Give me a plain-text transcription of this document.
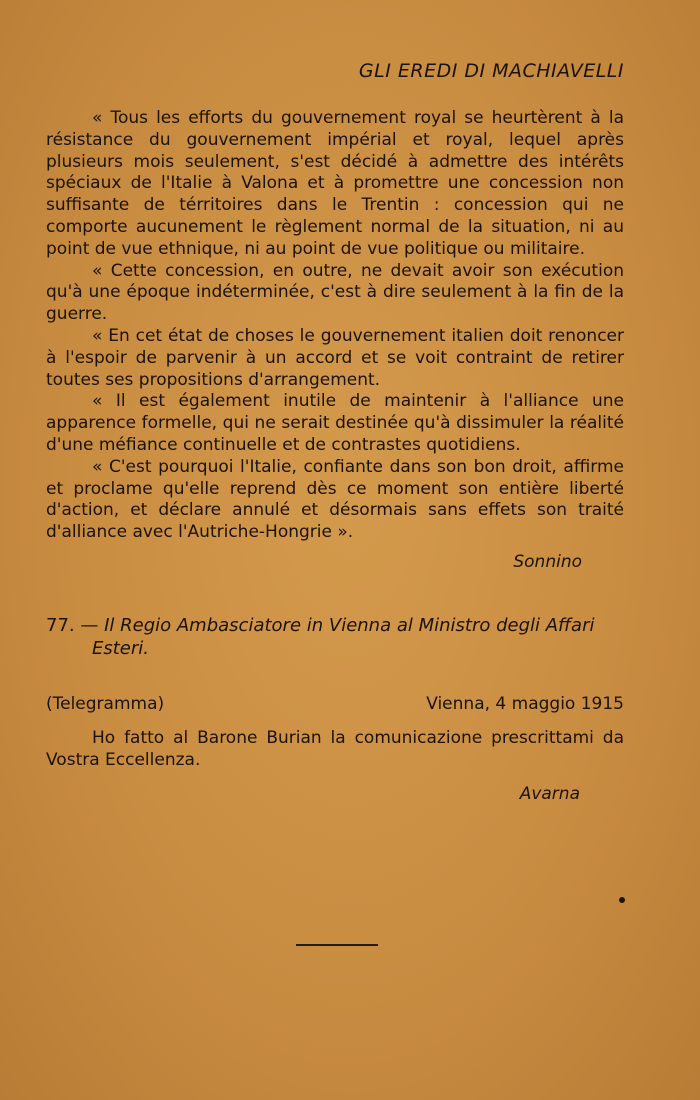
GLI EREDI DI MACHIAVELLI

« Tous les efforts du gouvernement royal se heurtèrent à la résistance du gouvernement impérial et royal, lequel après plusieurs mois seulement, s'est décidé à admettre des intérêts spéciaux de l'Italie à Valona et à promettre une concession non suffisante de térritoires dans le Trentin : concession qui ne comporte aucunement le règlement normal de la situation, ni au point de vue ethnique, ni au point de vue politique ou militaire.

« Cette concession, en outre, ne devait avoir son exécution qu'à une époque indéterminée, c'est à dire seulement à la fin de la guerre.

« En cet état de choses le gouvernement italien doit renoncer à l'espoir de parvenir à un accord et se voit contraint de retirer toutes ses propositions d'arrangement.

« Il est également inutile de maintenir à l'alliance une apparence formelle, qui ne serait destinée qu'à dissimuler la réalité d'une méfiance continuelle et de contrastes quotidiens.

« C'est pourquoi l'Italie, confiante dans son bon droit, affirme et proclame qu'elle reprend dès ce moment son entière liberté d'action, et déclare annulé et désormais sans effets son traité d'alliance avec l'Autriche-Hongrie ».

Sonnino
77. — Il Regio Ambasciatore in Vienna al Ministro degli Affari Esteri.
(Telegramma)	Vienna, 4 maggio 1915

Ho fatto al Barone Burian la comunicazione prescrittami da Vostra Eccellenza.

Avarna
